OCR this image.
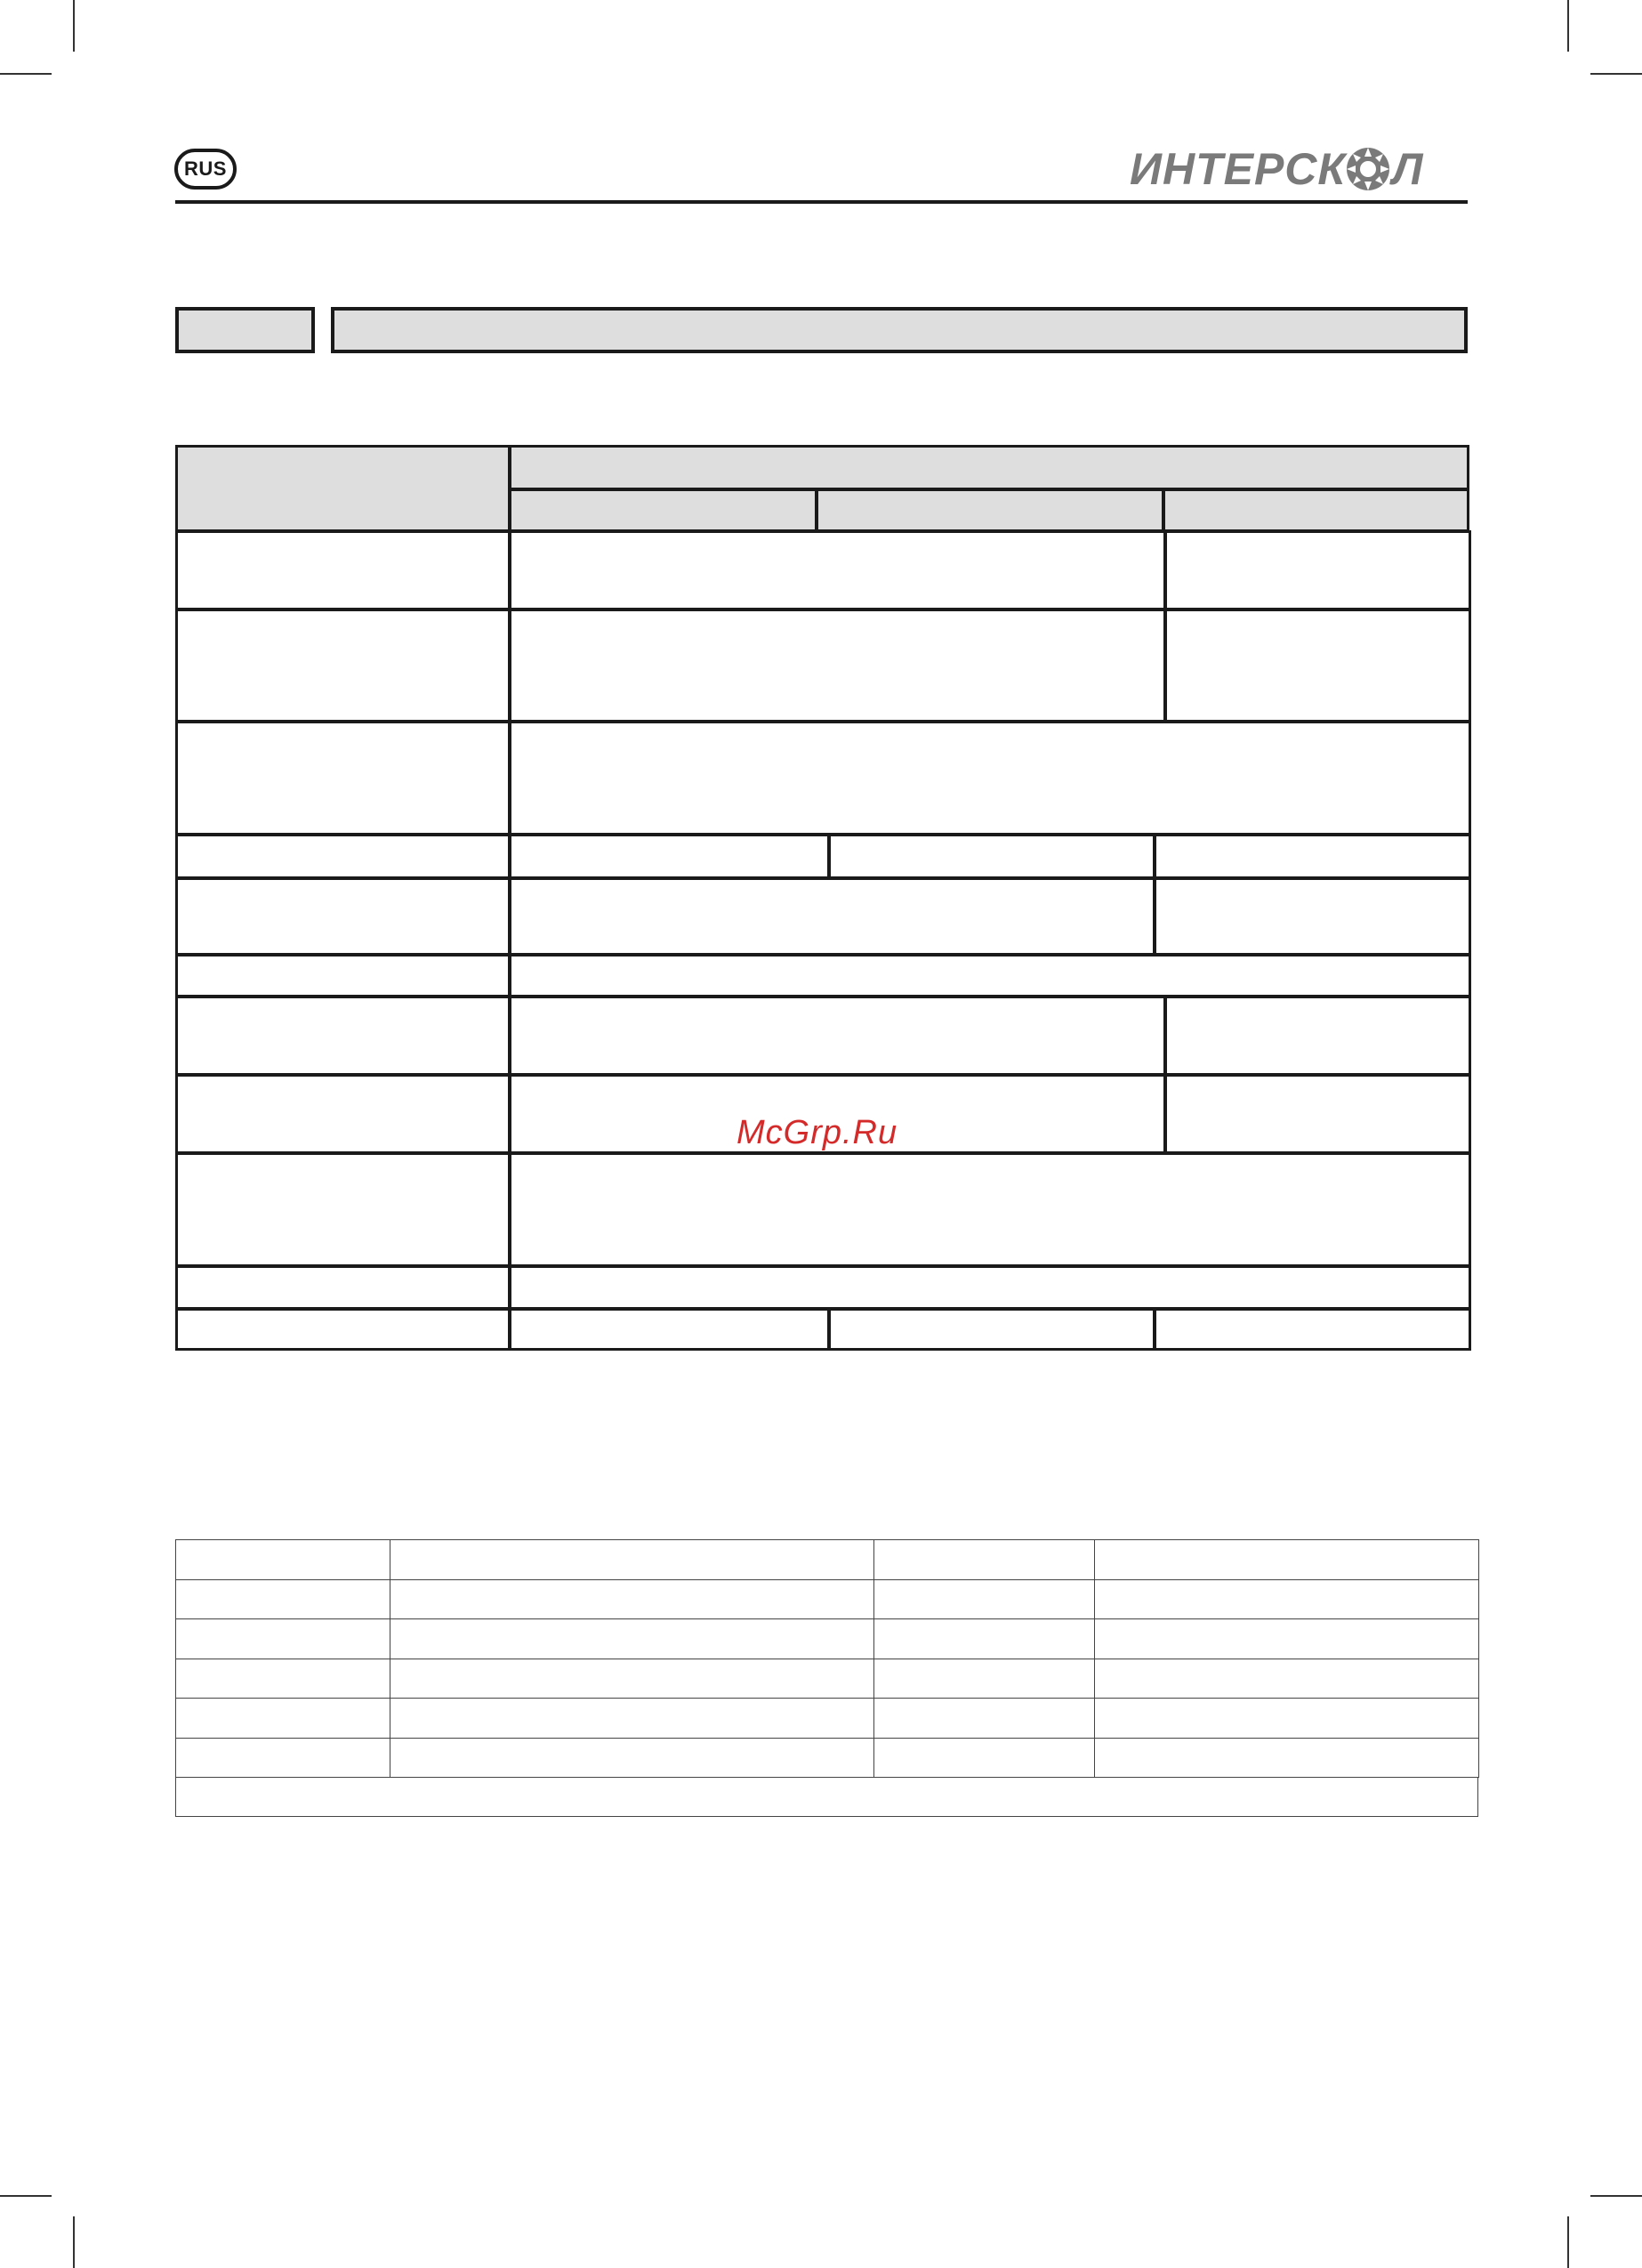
RUS	ИНТЕРСК Л
McGrp.Ru
